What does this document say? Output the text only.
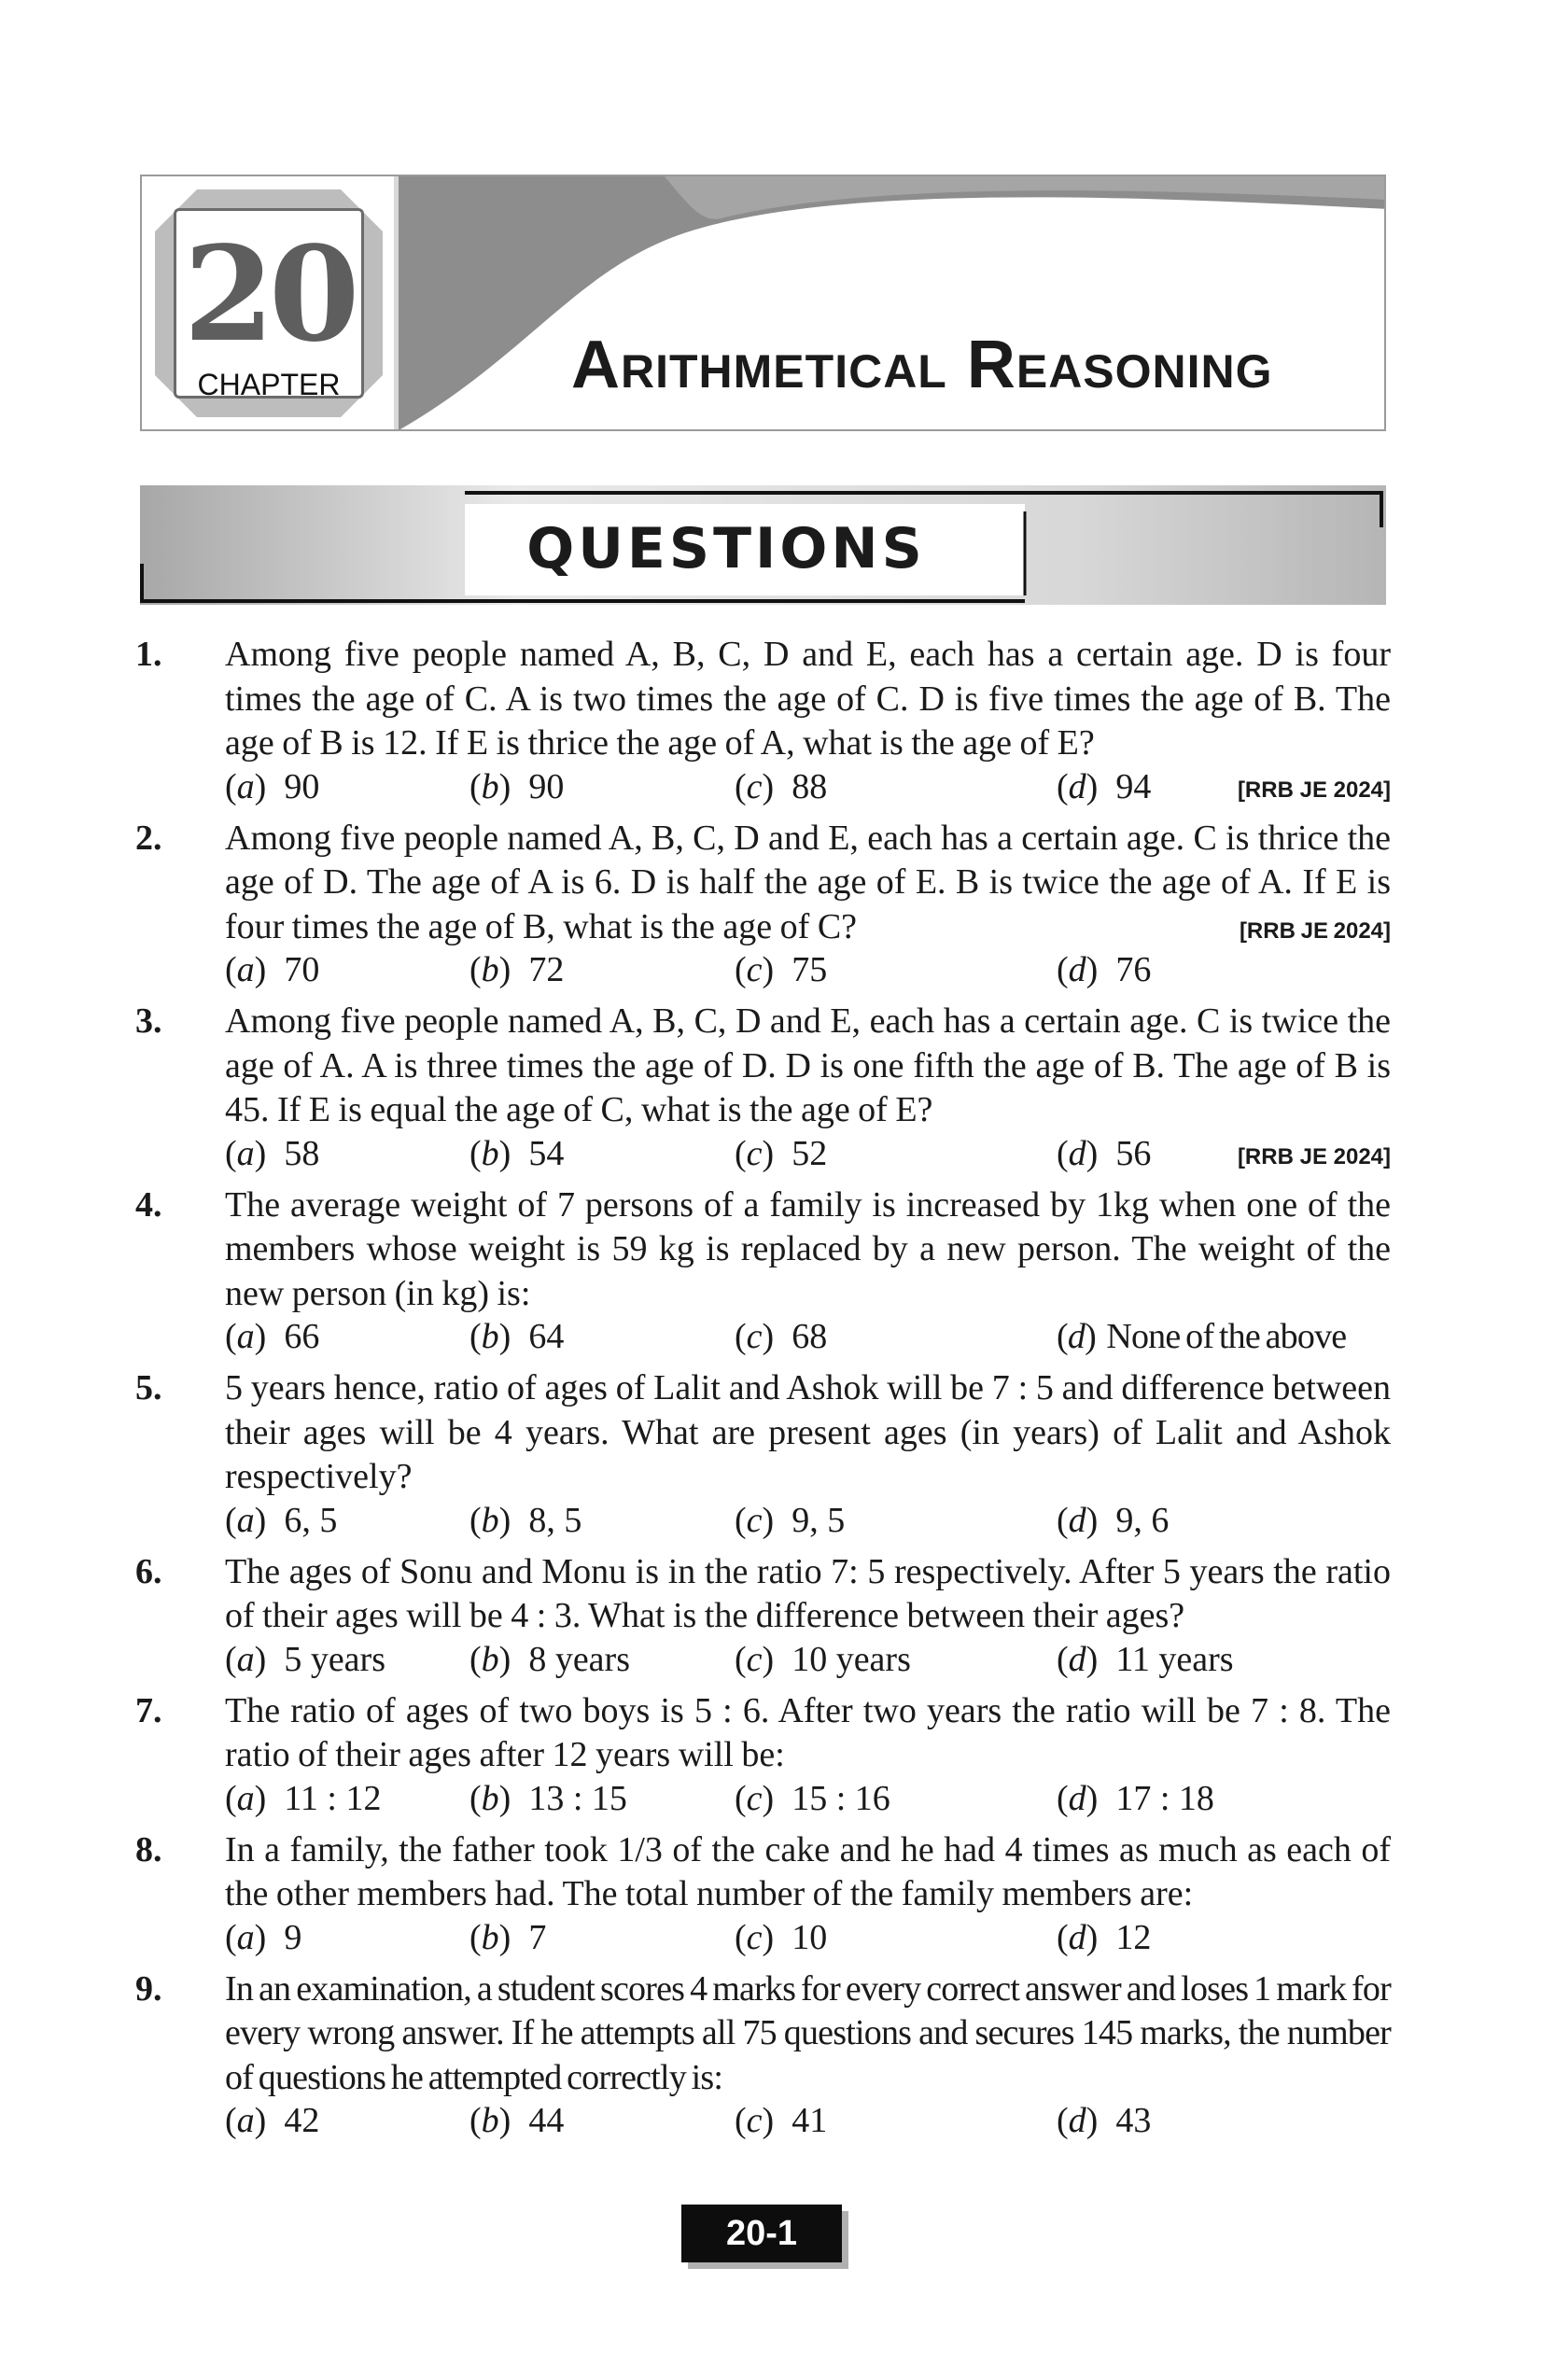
20
CHAPTER	Arithmetical Reasoning
QUESTIONS
1.	Among five people named A, B, C, D and E, each has a certain age. D is four times the age of C. A is two times the age of C. D is five times the age of B. The age of B is 12. If E is thrice the age of A, what is the age of E?
(a)  90	(b)  90	(c)  88	(d)  94	[RRB JE 2024]
2.	Among five people named A, B, C, D and E, each has a certain age. C is thrice the age of D. The age of A is 6. D is half the age of E. B is twice the age of A. If E is four times the age of B, what is the age of C?	[RRB JE 2024]
(a)  70	(b)  72	(c)  75	(d)  76
3.	Among five people named A, B, C, D and E, each has a certain age. C is twice the age of A. A is three times the age of D. D is one fifth the age of B. The age of B is 45. If E is equal the age of C, what is the age of E?
(a)  58	(b)  54	(c)  52	(d)  56	[RRB JE 2024]
4.	The average weight of 7 persons of a family is increased by 1kg when one of the members whose weight is 59 kg is replaced by a new person. The weight of the new person (in kg) is:
(a)  66	(b)  64	(c)  68	(d)  None of the above
5.	5 years hence, ratio of ages of Lalit and Ashok will be 7 : 5 and difference between their ages will be 4 years. What are present ages (in years) of Lalit and Ashok respectively?
(a)  6, 5	(b)  8, 5	(c)  9, 5	(d)  9, 6
6.	The ages of Sonu and Monu is in the ratio 7: 5 respectively. After 5 years the ratio of their ages will be 4 : 3. What is the difference between their ages?
(a)  5 years (b)  8 years	(c)  10 years	(d)  11 years
7.	The ratio of ages of two boys is 5 : 6. After two years the ratio will be 7 : 8. The ratio of their ages after 12 years will be:
(a)  11 : 12 (b)  13 : 15	(c)  15 : 16	(d)  17 : 18
8.	In a family, the father took 1/3 of the cake and he had 4 times as much as each of the other members had. The total number of the family members are:
(a)  9	(b)  7	(c)  10	(d)  12
9.	In an examination, a student scores 4 marks for every correct answer and loses 1 mark for every wrong answer. If he attempts all 75 questions and secures 145 marks, the number of questions he attempted correctly is:
(a)  42	(b)  44	(c)  41	(d)  43
20-1
